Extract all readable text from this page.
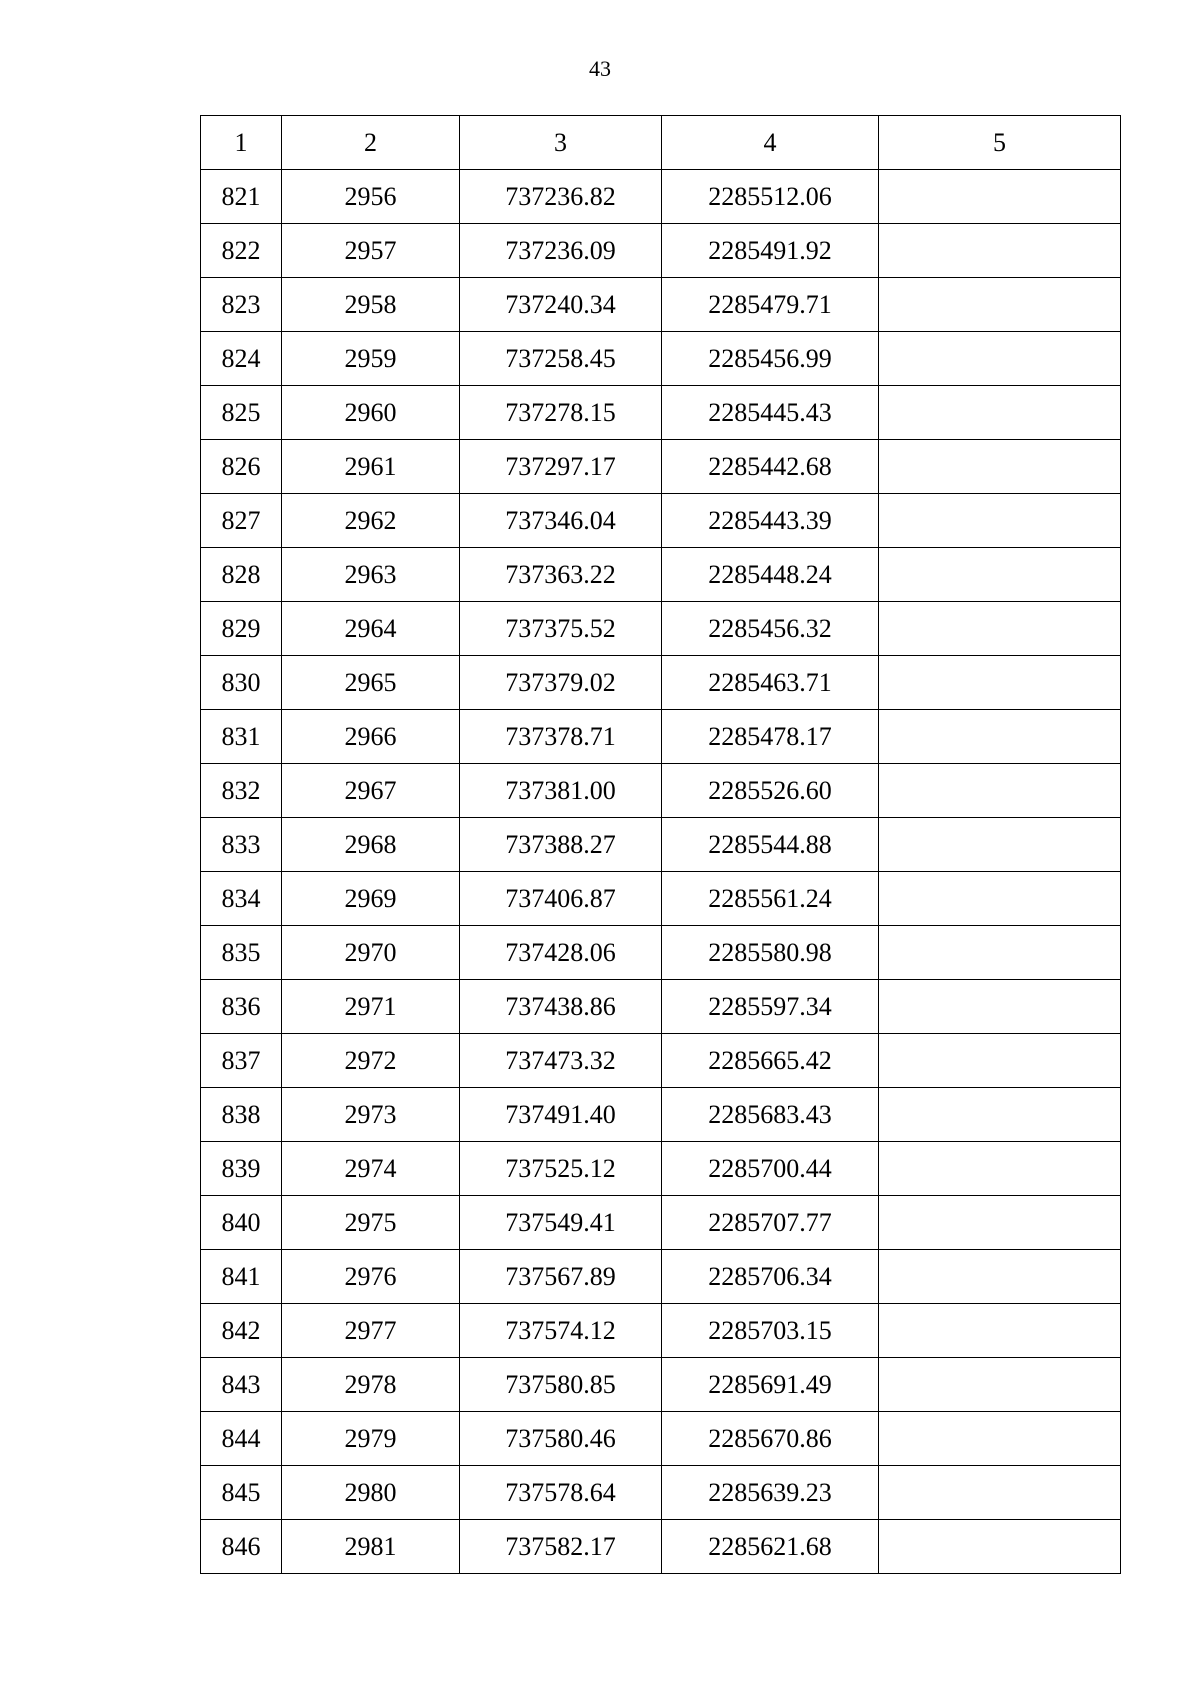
43
1	2	3	4	5
821	2956	737236.82	2285512.06	
822	2957	737236.09	2285491.92	
823	2958	737240.34	2285479.71	
824	2959	737258.45	2285456.99	
825	2960	737278.15	2285445.43	
826	2961	737297.17	2285442.68	
827	2962	737346.04	2285443.39	
828	2963	737363.22	2285448.24	
829	2964	737375.52	2285456.32	
830	2965	737379.02	2285463.71	
831	2966	737378.71	2285478.17	
832	2967	737381.00	2285526.60	
833	2968	737388.27	2285544.88	
834	2969	737406.87	2285561.24	
835	2970	737428.06	2285580.98	
836	2971	737438.86	2285597.34	
837	2972	737473.32	2285665.42	
838	2973	737491.40	2285683.43	
839	2974	737525.12	2285700.44	
840	2975	737549.41	2285707.77	
841	2976	737567.89	2285706.34	
842	2977	737574.12	2285703.15	
843	2978	737580.85	2285691.49	
844	2979	737580.46	2285670.86	
845	2980	737578.64	2285639.23	
846	2981	737582.17	2285621.68	
